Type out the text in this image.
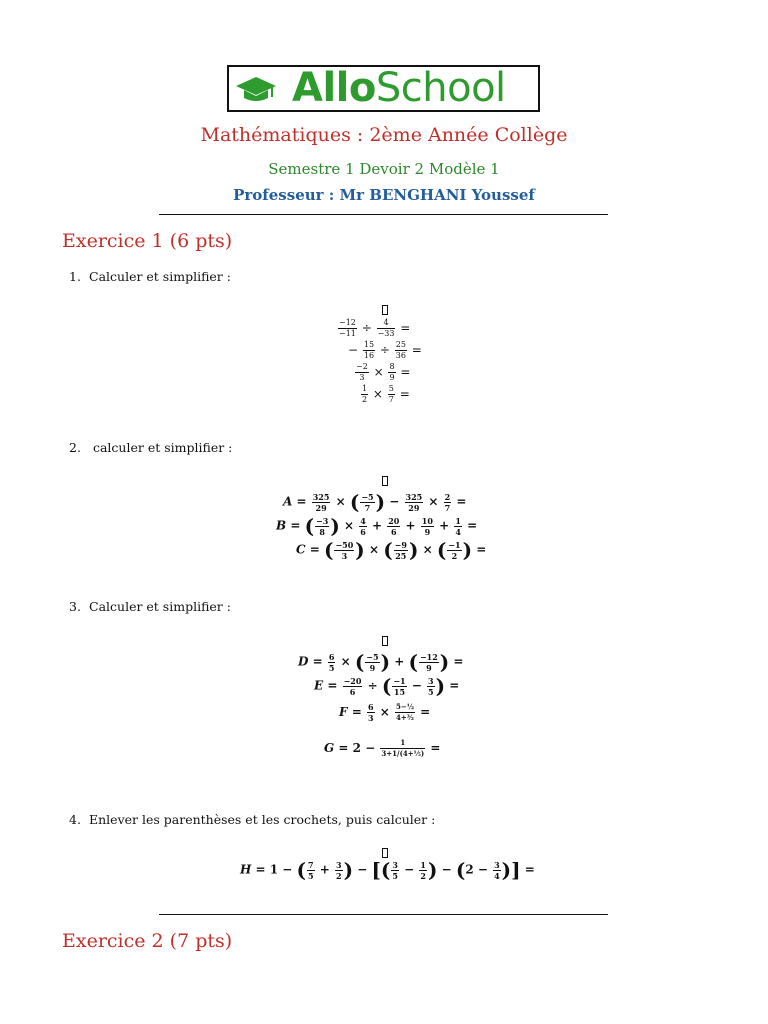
AlloSchool
Mathématiques : 2ème Année Collège
Semestre 1 Devoir 2 Modèle 1
Professeur : Mr BENGHANI Youssef
Exercice 1 (6 pts)
1. Calculer et simplifier :
$\frac{-12}{-11} \div \frac{4}{-33}$ =
− $\frac{15}{16} \div \frac{25}{36}$ =
$\frac{-2}{3} \times \frac{8}{9}$ =
$\frac{1}{2} \times \frac{5}{7}$ =
2. calculer et simplifier :
$A = \frac{325}{29}$ × ( $\frac{-5}{7}$ ) − $\frac{325}{29} \times \frac{2}{7}$ =
B = ( $\frac{-3}{8}$ ) × $\frac{4}{6} + \frac{20}{6} + \frac{10}{9} + \frac{1}{4}$ =
C = ( $\frac{-50}{3}$ ) × ( $\frac{-9}{25}$ ) × ( $\frac{-1}{2}$ ) =
3. Calculer et simplifier :
$D = \frac{6}{5}$ × ( $\frac{-5}{9}$ ) + ( $\frac{-12}{9}$ ) =
$E = \frac{-20}{6}$ ÷ ( $\frac{-1}{15} - \frac{3}{5}$ ) =
$F = \frac{6}{3} \times \frac{\text{5−½}}{\text{4+³⁄₂}}$ =
$G = 2 - \frac{1}{\text{3+1/(4+⅕)}}$ =
4. Enlever les parenthèses et les crochets, puis calculer :
H = 1 − ( $\frac{7}{5} + \frac{3}{2}$ ) − [( $\frac{3}{5} - \frac{1}{2}$ ) − ($2 - \frac{3}{4}$ )] =
Exercice 2 (7 pts)
